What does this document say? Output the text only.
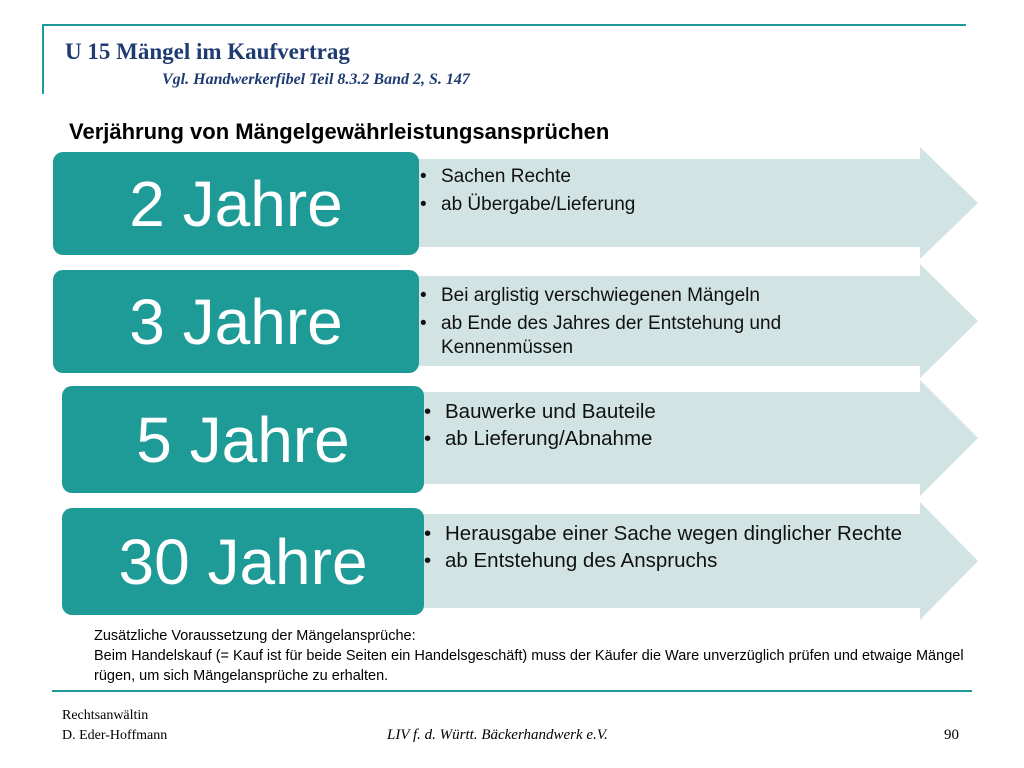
U 15 Mängel im Kaufvertrag

Vgl. Handwerkerfibel Teil 8.3.2 Band 2, S. 147

Verjährung von Mängelgewährleistungsansprüchen
2 Jahre	• Sachen Rechte
• ab Übergabe/Lieferung
3 Jahre	• Bei arglistig verschwiegenen Mängeln
• ab Ende des Jahres der Entstehung und Kennenmüssen
5 Jahre	• Bauwerke und Bauteile
• ab Lieferung/Abnahme
30 Jahre	• Herausgabe einer Sache wegen dinglicher Rechte
• ab Entstehung des Anspruchs
Zusätzliche Voraussetzung der Mängelansprüche:
Beim Handelskauf (= Kauf ist für beide Seiten ein Handelsgeschäft) muss der Käufer die Ware unverzüglich prüfen und etwaige Mängel rügen, um sich Mängelansprüche zu erhalten.
Rechtsanwältin
D. Eder-Hoffmann	LIV f. d. Württ. Bäckerhandwerk e.V.	90
